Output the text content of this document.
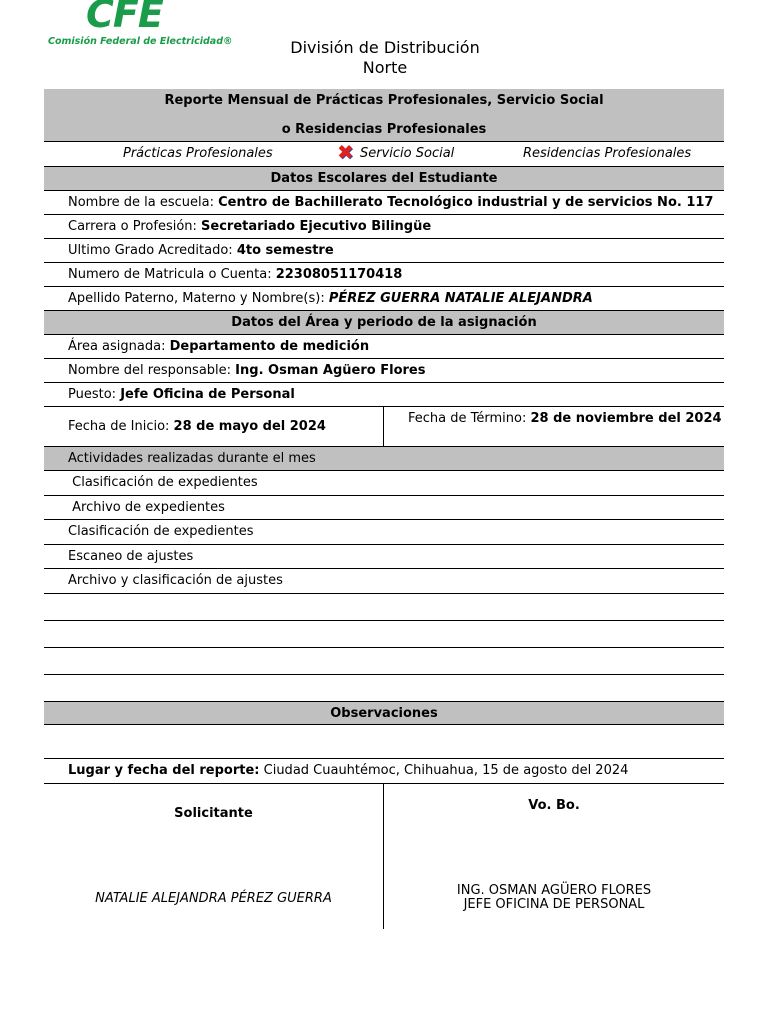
CFE
Comisión Federal de Electricidad®	División de Distribución
Norte
Reporte Mensual de Prácticas Profesionales, Servicio Social
o Residencias Profesionales
Prácticas Profesionales	✖ Servicio Social	Residencias Profesionales
Datos Escolares del Estudiante
Nombre de la escuela: Centro de Bachillerato Tecnológico industrial y de servicios No. 117
Carrera o Profesión: Secretariado Ejecutivo Bilingüe
Ultimo Grado Acreditado: 4to semestre
Numero de Matricula o Cuenta: 22308051170418
Apellido Paterno, Materno y Nombre(s): PÉREZ GUERRA NATALIE ALEJANDRA
Datos del Área y periodo de la asignación
Área asignada: Departamento de medición
Nombre del responsable: Ing. Osman Agüero Flores
Puesto: Jefe Oficina de Personal
Fecha de Inicio: 28 de mayo del 2024
Fecha de Término: 28 de noviembre del 2024
Actividades realizadas durante el mes
Clasificación de expedientes
Archivo de expedientes
Clasificación de expedientes
Escaneo de ajustes
Archivo y clasificación de ajustes
Observaciones
Lugar y fecha del reporte: Ciudad Cuauhtémoc, Chihuahua, 15 de agosto del 2024
Solicitante
NATALIE ALEJANDRA PÉREZ GUERRA
Vo. Bo.
ING. OSMAN AGÜERO FLORES
JEFE OFICINA DE PERSONAL
